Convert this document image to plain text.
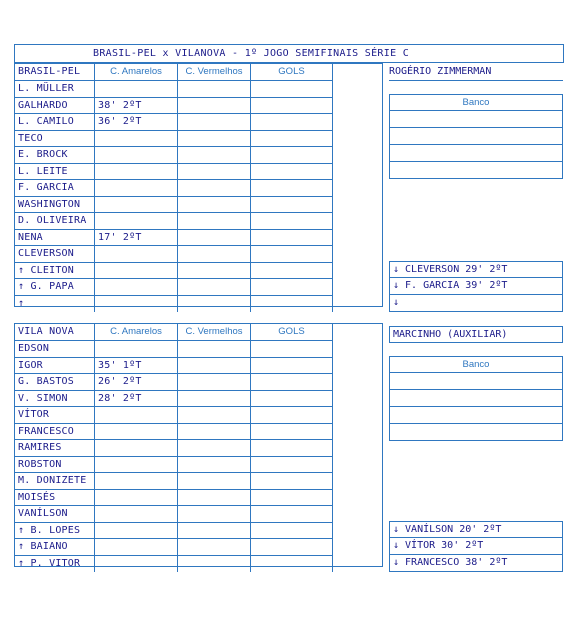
BRASIL-PEL x VILANOVA - 1º JOGO SEMIFINAIS SÉRIE C
BRASIL-PEL	C. Amarelos	C. Vermelhos	GOLS
L. MÜLLER
GALHARDO	38' 2ºT
L. CAMILO	36' 2ºT
TECO
E. BROCK
L. LEITE
F. GARCIA
WASHINGTON
D. OLIVEIRA
NENA	17' 2ºT
CLEVERSON
↑ CLEITON
↑ G. PAPA
↑
ROGÉRIO ZIMMERMAN
Banco
↓ CLEVERSON 29' 2ºT
↓ F. GARCIA 39' 2ºT
↓
VILA NOVA	C. Amarelos	C. Vermelhos	GOLS
EDSON
IGOR	35' 1ºT
G. BASTOS	26' 2ºT
V. SIMON	28' 2ºT
VÍTOR
FRANCESCO
RAMIRES
ROBSTON
M. DONIZETE
MOISÉS
VANÍLSON
↑ B. LOPES
↑ BAIANO
↑ P. VITOR
MARCINHO (AUXILIAR)
Banco
↓ VANÍLSON 20' 2ºT
↓ VÍTOR 30' 2ºT
↓ FRANCESCO 38' 2ºT
